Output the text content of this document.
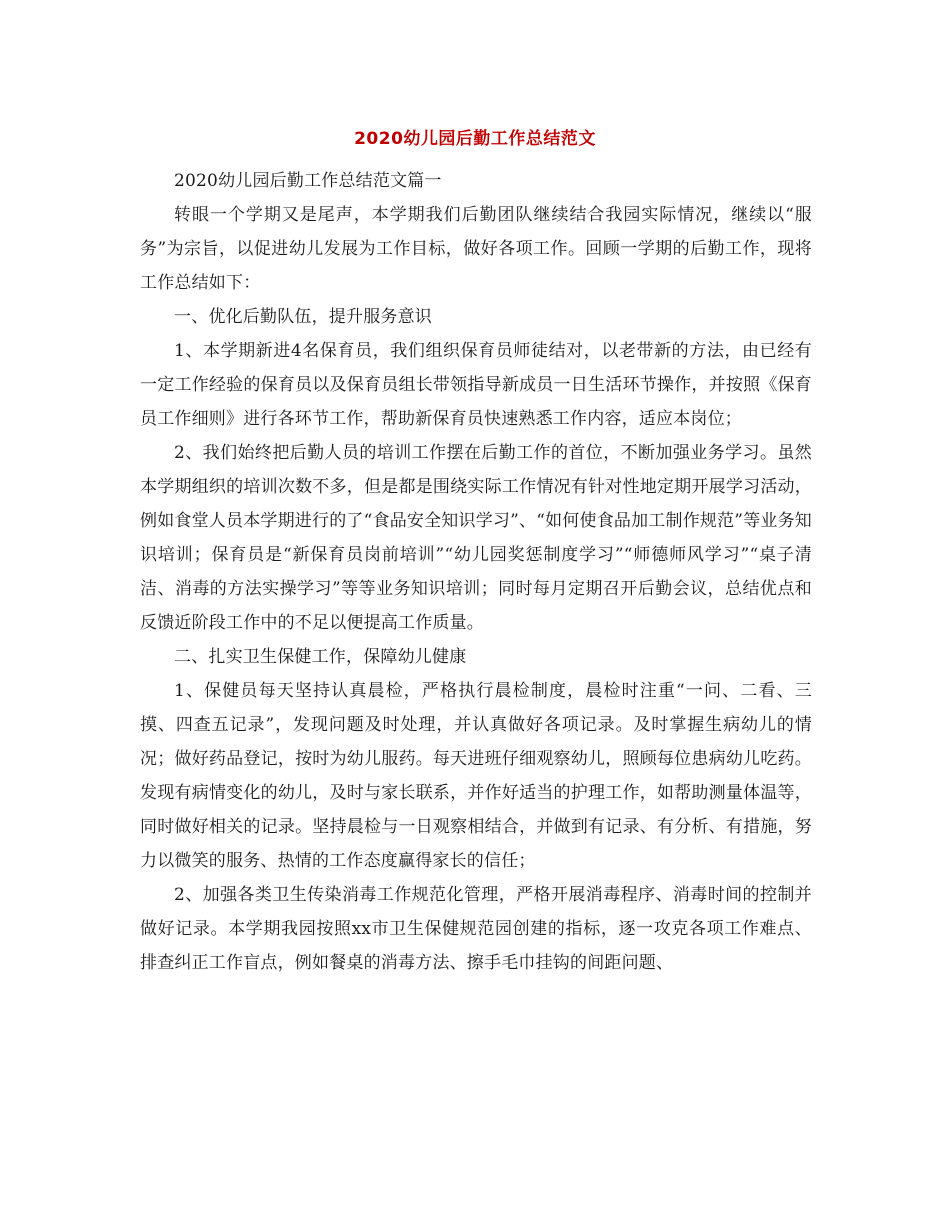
2020幼儿园后勤工作总结范文

2020幼儿园后勤工作总结范文篇一

转眼一个学期又是尾声，本学期我们后勤团队继续结合我园实际情况，继续以“服务”为宗旨，以促进幼儿发展为工作目标，做好各项工作。回顾一学期的后勤工作，现将工作总结如下：

一、优化后勤队伍，提升服务意识

1、本学期新进4名保育员，我们组织保育员师徒结对，以老带新的方法，由已经有一定工作经验的保育员以及保育员组长带领指导新成员一日生活环节操作，并按照《保育员工作细则》进行各环节工作，帮助新保育员快速熟悉工作内容，适应本岗位；

2、我们始终把后勤人员的培训工作摆在后勤工作的首位，不断加强业务学习。虽然本学期组织的培训次数不多，但是都是围绕实际工作情况有针对性地定期开展学习活动，例如食堂人员本学期进行的了“食品安全知识学习”、“如何使食品加工制作规范”等业务知识培训；保育员是“新保育员岗前培训”“幼儿园奖惩制度学习”“师德师风学习”“桌子清洁、消毒的方法实操学习”等等业务知识培训；同时每月定期召开后勤会议，总结优点和反馈近阶段工作中的不足以便提高工作质量。

二、扎实卫生保健工作，保障幼儿健康

1、保健员每天坚持认真晨检，严格执行晨检制度，晨检时注重“一问、二看、三摸、四查五记录”，发现问题及时处理，并认真做好各项记录。及时掌握生病幼儿的情况；做好药品登记，按时为幼儿服药。每天进班仔细观察幼儿，照顾每位患病幼儿吃药。发现有病情变化的幼儿，及时与家长联系，并作好适当的护理工作，如帮助测量体温等，同时做好相关的记录。坚持晨检与一日观察相结合，并做到有记录、有分析、有措施，努力以微笑的服务、热情的工作态度赢得家长的信任；

2、加强各类卫生传染消毒工作规范化管理，严格开展消毒程序、消毒时间的控制并做好记录。本学期我园按照xx市卫生保健规范园创建的指标，逐一攻克各项工作难点、排查纠正工作盲点，例如餐桌的消毒方法、擦手毛巾挂钩的间距问题、
